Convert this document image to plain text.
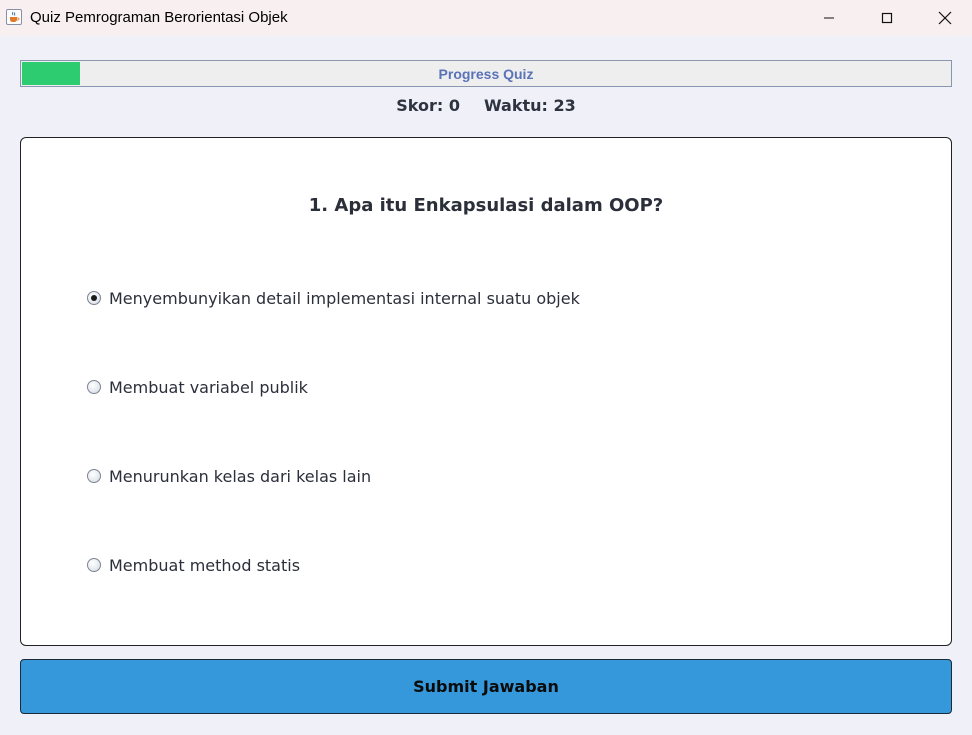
Quiz Pemrograman Berorientasi Objek
Progress Quiz
Skor: 0 Waktu: 23
1. Apa itu Enkapsulasi dalam OOP?
Menyembunyikan detail implementasi internal suatu objek
Membuat variabel publik
Menurunkan kelas dari kelas lain
Membuat method statis
Submit Jawaban
